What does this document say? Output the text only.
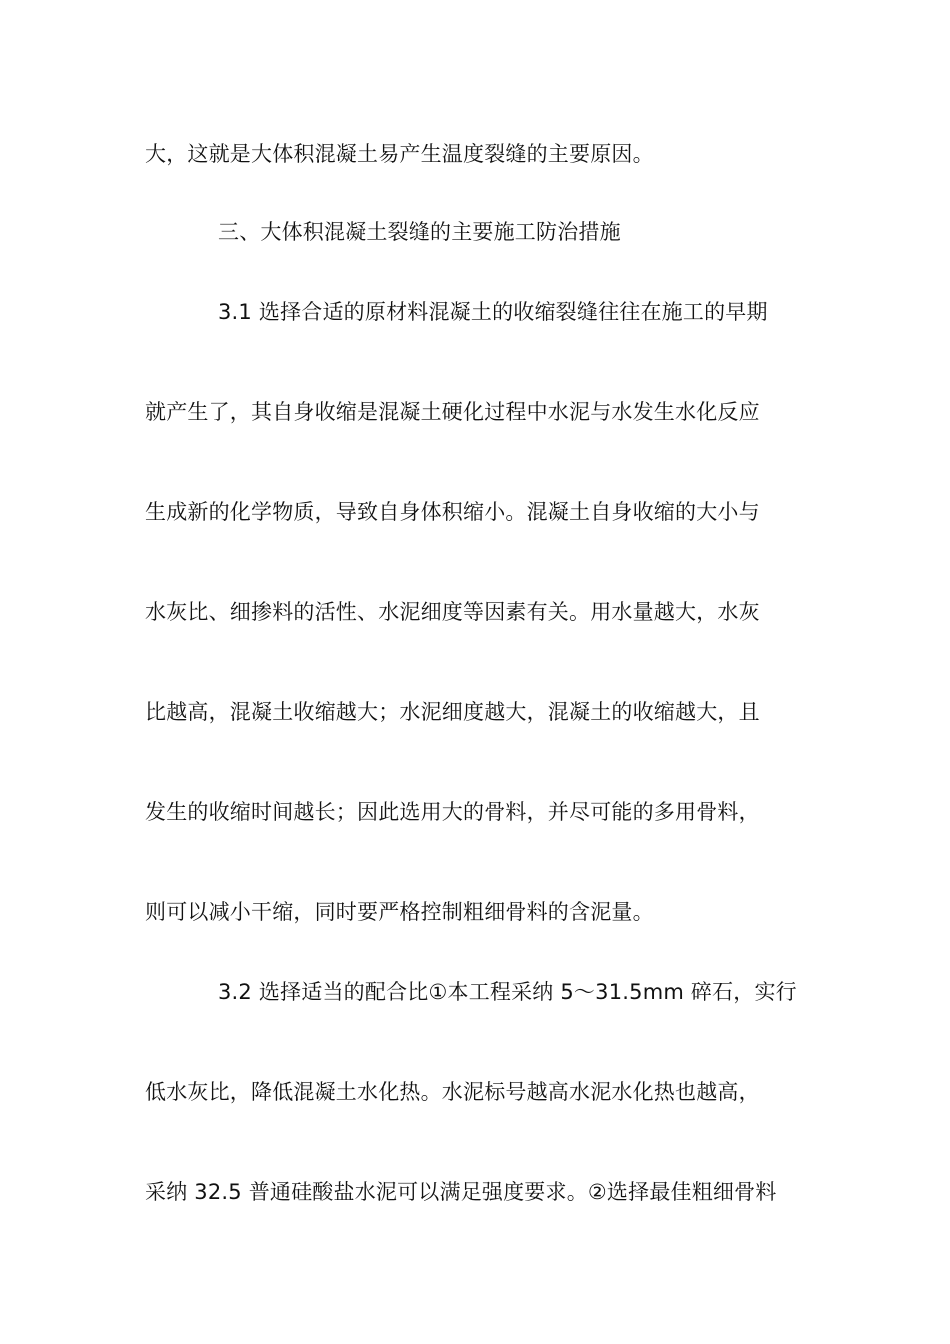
大，这就是大体积混凝土易产生温度裂缝的主要原因。
三、大体积混凝土裂缝的主要施工防治措施
3.1 选择合适的原材料混凝土的收缩裂缝往往在施工的早期
就产生了，其自身收缩是混凝土硬化过程中水泥与水发生水化反应
生成新的化学物质，导致自身体积缩小。混凝土自身收缩的大小与
水灰比、细掺料的活性、水泥细度等因素有关。用水量越大，水灰
比越高，混凝土收缩越大；水泥细度越大，混凝土的收缩越大，且
发生的收缩时间越长；因此选用大的骨料，并尽可能的多用骨料，
则可以减小干缩，同时要严格控制粗细骨料的含泥量。
3.2 选择适当的配合比①本工程采纳 5～31.5mm 碎石，实行
低水灰比，降低混凝土水化热。水泥标号越高水泥水化热也越高，
采纳 32.5 普通硅酸盐水泥可以满足强度要求。②选择最佳粗细骨料
